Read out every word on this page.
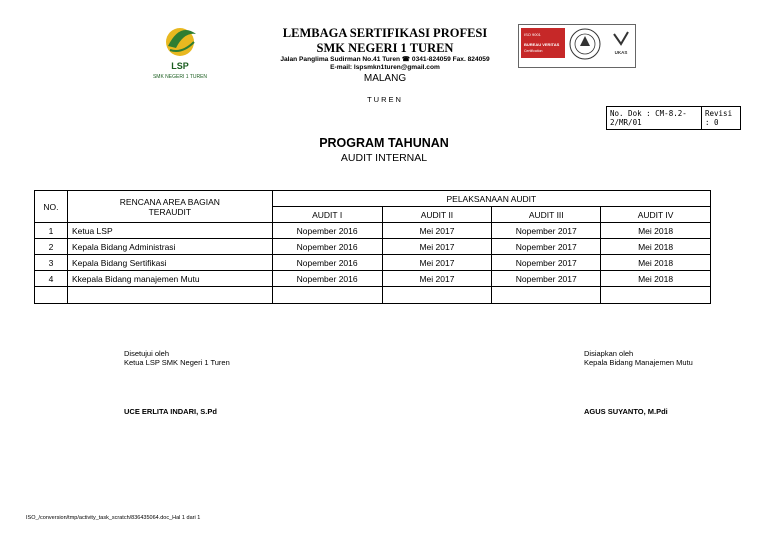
LSP
SMK NEGERI 1 TUREN
LEMBAGA SERTIFIKASI PROFESI
SMK NEGERI 1 TUREN
Jalan Panglima Sudirman No.41 Turen ☎ 0341-824059 Fax. 824059
E-mail: lspsmkn1turen@gmail.com
MALANG
TUREN
ISO 9001
BUREAU VERITAS
Certification	UKAS
No. Dok : CM-8.2-2/MR/01	Revisi : 0
PROGRAM TAHUNAN
AUDIT INTERNAL
NO.	RENCANA AREA BAGIAN TERAUDIT	PELAKSANAAN AUDIT			
		AUDIT I	AUDIT II	AUDIT III	AUDIT IV
1	Ketua LSP	Nopember 2016	Mei 2017	Nopember 2017	Mei 2018
2	Kepala Bidang Administrasi	Nopember 2016	Mei 2017	Nopember 2017	Mei 2018
3	Kepala Bidang Sertifikasi	Nopember 2016	Mei 2017	Nopember 2017	Mei 2018
4	Kkepala Bidang manajemen Mutu	Nopember 2016	Mei 2017	Nopember 2017	Mei 2018

Disetujui oleh
Ketua LSP SMK Negeri 1 Turen
UCE ERLITA INDARI, S.Pd
Disiapkan oleh
Kepala Bidang Manajemen Mutu
AGUS SUYANTO, M.Pdi
ISO_/conversion/tmp/activity_task_scratch/836435064.doc_Hal 1 dari 1
